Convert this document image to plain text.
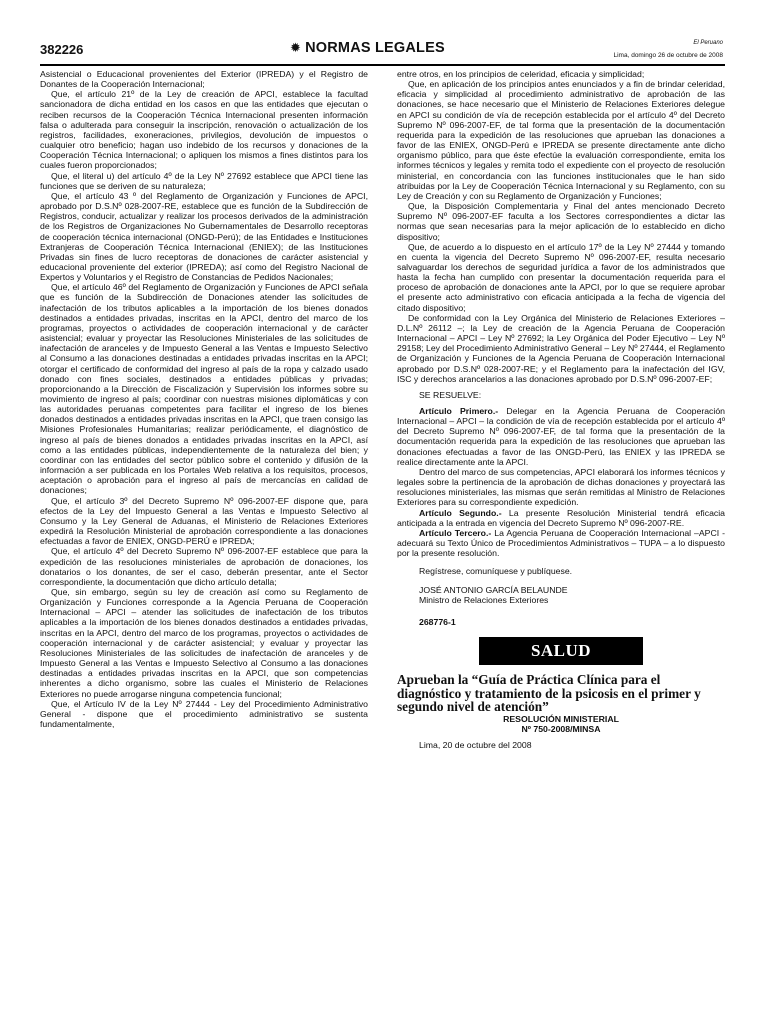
382226	✹ NORMAS LEGALES	El Peruano
Lima, domingo 26 de octubre de 2008

Asistencial o Educacional provenientes del Exterior (IPREDA) y el Registro de Donantes de la Cooperación Internacional;

Que, el artículo 21º de la Ley de creación de APCI, establece la facultad sancionadora de dicha entidad en los casos en que las entidades que ejecutan o reciben recursos de la Cooperación Técnica Internacional presenten información falsa o adulterada para conseguir la inscripción, renovación o actualización de los registros, facilidades, exoneraciones, privilegios, devolución de impuestos o cualquier otro beneficio; hagan uso indebido de los recursos y donaciones de la Cooperación Técnica Internacional; o apliquen los mismos a fines distintos para los cuales fueron proporcionados;

Que, el literal u) del artículo 4º de la Ley Nº 27692 establece que APCI tiene las funciones que se deriven de su naturaleza;

Que, el artículo 43 º del Reglamento de Organización y Funciones de APCI, aprobado por D.S.Nº 028-2007-RE, establece que es función de la Subdirección de Registros, conducir, actualizar y realizar los procesos derivados de la administración de los Registros de Organizaciones No Gubernamentales de Desarrollo receptoras de cooperación técnica internacional (ONGD-Perú); de las Entidades e Instituciones Extranjeras de Cooperación Técnica Internacional (ENIEX); de las Instituciones Privadas sin fines de lucro receptoras de donaciones de carácter asistencial y educacional proveniente del exterior (IPREDA); así como del Registro Nacional de Expertos y Voluntarios y el Registro de Constancias de Pedidos Nacionales;

Que, el artículo 46º del Reglamento de Organización y Funciones de APCI señala que es función de la Subdirección de Donaciones atender las solicitudes de inafectación de los tributos aplicables a la importación de los bienes donados destinados a entidades privadas, inscritas en la APCI, dentro del marco de los programas, proyectos o actividades de cooperación internacional y de carácter asistencial; evaluar y proyectar las Resoluciones Ministeriales de las solicitudes de inafectación de aranceles y de Impuesto General a las Ventas e Impuesto Selectivo al Consumo a las donaciones destinadas a entidades privadas inscritas en la APCI; otorgar el certificado de conformidad del ingreso al país de la ropa y calzado usado donado con fines sociales, destinados a entidades públicas y privadas; proporcionando a la Dirección de Fiscalización y Supervisión los informes sobre su movimiento de ingreso al país; coordinar con nuestras misiones diplomáticas y con las autoridades peruanas competentes para facilitar el ingreso de los bienes donados destinados a entidades privadas inscritas en la APCI, que traen consigo las Misiones Profesionales Humanitarias; realizar periódicamente, el diagnóstico de ingreso al país de bienes donados a entidades privadas inscritas en la APCI, así como a las entidades públicas, independientemente de la naturaleza del bien; y coordinar con las entidades del sector público sobre el contenido y difusión de la información a ser publicada en los Portales Web relativa a los requisitos, procesos, aceptación o aprobación para el ingreso al país de mercancías en calidad de donaciones;

Que, el artículo 3º del Decreto Supremo Nº 096-2007-EF dispone que, para efectos de la Ley del Impuesto General a las Ventas e Impuesto Selectivo al Consumo y la Ley General de Aduanas, el Ministerio de Relaciones Exteriores expedirá la Resolución Ministerial de aprobación correspondiente a las donaciones efectuadas a favor de ENIEX, ONGD-PERÚ e IPREDA;

Que, el artículo 4º del Decreto Supremo Nº 096-2007-EF establece que para la expedición de las resoluciones ministeriales de aprobación de donaciones, los donatarios o los donantes, de ser el caso, deberán presentar, ante el Sector correspondiente, la documentación que dicho artículo detalla;

Que, sin embargo, según su ley de creación así como su Reglamento de Organización y Funciones corresponde a la Agencia Peruana de Cooperación Internacional – APCI – atender las solicitudes de inafectación de los tributos aplicables a la importación de los bienes donados destinados a entidades privadas, inscritas en la APCI, dentro del marco de los programas, proyectos o actividades de cooperación internacional y de carácter asistencial; y evaluar y proyectar las Resoluciones Ministeriales de las solicitudes de inafectación de aranceles y de Impuesto General a las Ventas e Impuesto Selectivo al Consumo a las donaciones destinadas a entidades privadas inscritas en la APCI, que son competencias inherentes a dicho organismo, sobre las cuales el Ministerio de Relaciones Exteriores no puede arrogarse ninguna competencia funcional;

Que, el Artículo IV de la Ley Nº 27444 - Ley del Procedimiento Administrativo General - dispone que el procedimiento administrativo se sustenta fundamentalmente,

entre otros, en los principios de celeridad, eficacia y simplicidad;

Que, en aplicación de los principios antes enunciados y a fin de brindar celeridad, eficacia y simplicidad al procedimiento administrativo de aprobación de las donaciones, se hace necesario que el Ministerio de Relaciones Exteriores delegue en APCI su condición de vía de recepción establecida por el artículo 4º del Decreto Supremo Nº 096-2007-EF, de tal forma que la presentación de la documentación requerida para la expedición de las resoluciones que aprueban las donaciones a favor de las ENIEX, ONGD-Perú e IPREDA se presente directamente ante dicho organismo público, para que éste efectúe la evaluación correspondiente, emita los informes técnicos y legales y remita todo el expediente con el proyecto de resolución ministerial, en concordancia con las funciones institucionales que le han sido atribuidas por la Ley de Cooperación Técnica Internacional y su Reglamento, con su Ley de Creación y con su Reglamento de Organización y Funciones;

Que, la Disposición Complementaria y Final del antes mencionado Decreto Supremo Nº 096-2007-EF faculta a los Sectores correspondientes a dictar las normas que sean necesarias para la mejor aplicación de lo establecido en dicho dispositivo;

Que, de acuerdo a lo dispuesto en el artículo 17º de la Ley Nº 27444 y tomando en cuenta la vigencia del Decreto Supremo Nº 096-2007-EF, resulta necesario salvaguardar los derechos de seguridad jurídica a favor de los administrados que hasta la fecha han cumplido con presentar la documentación requerida para el proceso de aprobación de donaciones ante la APCI, por lo que se requiere aprobar el presente acto administrativo con eficacia anticipada a la fecha de vigencia del citado dispositivo;

De conformidad con la Ley Orgánica del Ministerio de Relaciones Exteriores – D.L.Nº 26112 –; la Ley de creación de la Agencia Peruana de Cooperación Internacional – APCI – Ley Nº 27692; la Ley Orgánica del Poder Ejecutivo – Ley Nº 29158; Ley del Procedimiento Administrativo General – Ley Nº 27444, el Reglamento de Organización y Funciones de la Agencia Peruana de Cooperación Internacional aprobado por D.S.Nº 028-2007-RE; y el Reglamento para la inafectación del IGV, ISC y derechos arancelarios a las donaciones aprobado por D.S.Nº 096-2007-EF;

SE RESUELVE:

Artículo Primero.- Delegar en la Agencia Peruana de Cooperación Internacional – APCI – la condición de vía de recepción establecida por el artículo 4º del Decreto Supremo Nº 096-2007-EF, de tal forma que la presentación de la documentación requerida para la expedición de las resoluciones que aprueban las donaciones efectuadas a favor de las ONGD-Perú, las ENIEX y las IPREDA se realice directamente ante la APCI.

Dentro del marco de sus competencias, APCI elaborará los informes técnicos y legales sobre la pertinencia de la aprobación de dichas donaciones y proyectará las resoluciones ministeriales, las mismas que serán remitidas al Ministro de Relaciones Exteriores para su correspondiente expedición.

Artículo Segundo.- La presente Resolución Ministerial tendrá eficacia anticipada a la entrada en vigencia del Decreto Supremo Nº 096-2007-RE.

Artículo Tercero.- La Agencia Peruana de Cooperación Internacional –APCI - adecuará su Texto Único de Procedimientos Administrativos – TUPA – a lo dispuesto por la presente resolución.

Regístrese, comuníquese y publíquese.

JOSÉ ANTONIO GARCÍA BELAUNDE

Ministro de Relaciones Exteriores

268776-1

SALUD

Aprueban la “Guía de Práctica Clínica para el diagnóstico y tratamiento de la psicosis en el primer y segundo nivel de atención”

RESOLUCIÓN MINISTERIAL

Nº 750-2008/MINSA

Lima, 20 de octubre del 2008
